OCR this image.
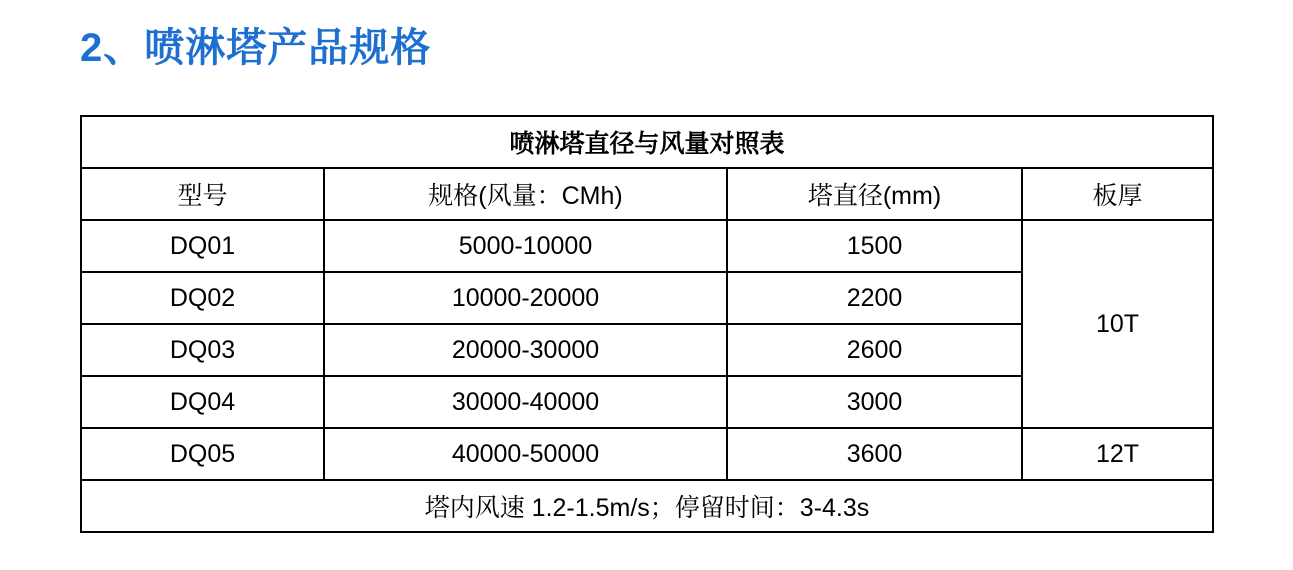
2、喷淋塔产品规格
喷淋塔直径与风量对照表			
型号	规格(风量：CMh)	塔直径(mm)	板厚
DQ01	5000-10000	1500	10T
DQ02	10000-20000	2200	
DQ03	20000-30000	2600	
DQ04	30000-40000	3000	
DQ05	40000-50000	3600	12T
塔内风速 1.2-1.5m/s；停留时间：3-4.3s			
